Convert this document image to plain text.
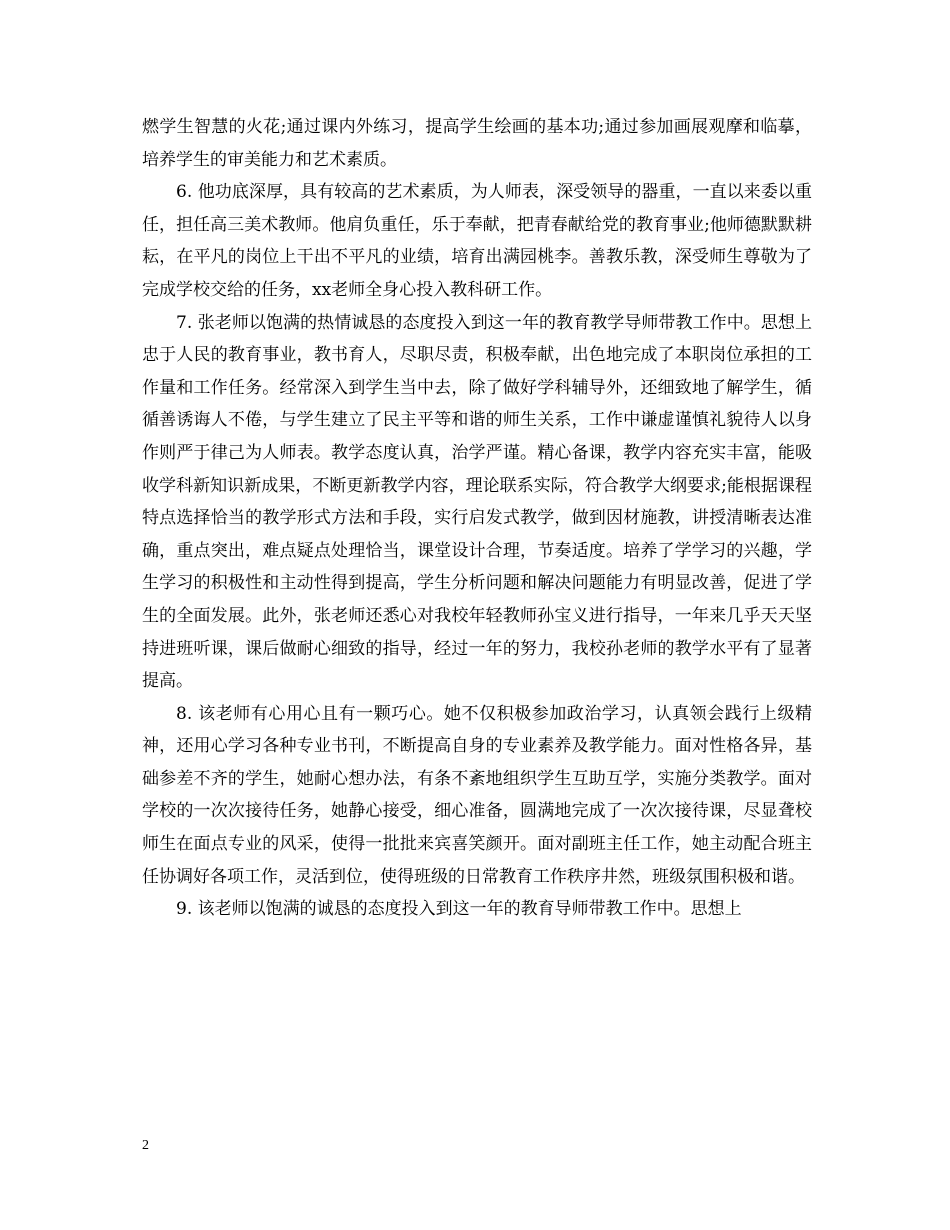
燃学生智慧的火花;通过课内外练习，提高学生绘画的基本功;通过参加画展观摩和临摹，培养学生的审美能力和艺术素质。

6. 他功底深厚，具有较高的艺术素质，为人师表，深受领导的器重，一直以来委以重任，担任高三美术教师。他肩负重任，乐于奉献，把青春献给党的教育事业;他师德默默耕耘，在平凡的岗位上干出不平凡的业绩，培育出满园桃李。善教乐教，深受师生尊敬为了完成学校交给的任务，xx老师全身心投入教科研工作。

7. 张老师以饱满的热情诚恳的态度投入到这一年的教育教学导师带教工作中。思想上忠于人民的教育事业，教书育人，尽职尽责，积极奉献，出色地完成了本职岗位承担的工作量和工作任务。经常深入到学生当中去，除了做好学科辅导外，还细致地了解学生，循循善诱诲人不倦，与学生建立了民主平等和谐的师生关系，工作中谦虚谨慎礼貌待人以身作则严于律己为人师表。教学态度认真，治学严谨。精心备课，教学内容充实丰富，能吸收学科新知识新成果，不断更新教学内容，理论联系实际，符合教学大纲要求;能根据课程特点选择恰当的教学形式方法和手段，实行启发式教学，做到因材施教，讲授清晰表达准确，重点突出，难点疑点处理恰当，课堂设计合理，节奏适度。培养了学学习的兴趣，学生学习的积极性和主动性得到提高，学生分析问题和解决问题能力有明显改善，促进了学生的全面发展。此外，张老师还悉心对我校年轻教师孙宝义进行指导，一年来几乎天天坚持进班听课，课后做耐心细致的指导，经过一年的努力，我校孙老师的教学水平有了显著提高。

8. 该老师有心用心且有一颗巧心。她不仅积极参加政治学习，认真领会践行上级精神，还用心学习各种专业书刊，不断提高自身的专业素养及教学能力。面对性格各异，基础参差不齐的学生，她耐心想办法，有条不紊地组织学生互助互学，实施分类教学。面对学校的一次次接待任务，她静心接受，细心准备，圆满地完成了一次次接待课，尽显聋校师生在面点专业的风采，使得一批批来宾喜笑颜开。面对副班主任工作，她主动配合班主任协调好各项工作，灵活到位，使得班级的日常教育工作秩序井然，班级氛围积极和谐。

9. 该老师以饱满的诚恳的态度投入到这一年的教育导师带教工作中。思想上

2
